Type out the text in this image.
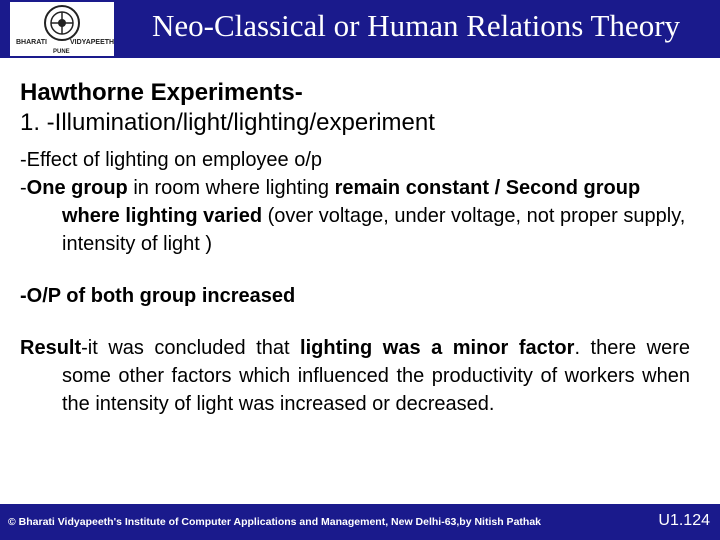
BHARATI	VIDYAPEETH
PUNE
Neo-Classical or Human Relations Theory

Hawthorne Experiments-

1. -Illumination/light/lighting/experiment

-Effect of lighting on employee o/p

-One group in room where lighting remain constant / Second group where lighting varied (over voltage, under voltage, not proper supply, intensity of light )

-O/P of both group increased

Result-it was concluded that lighting was a minor factor. there were some other factors which influenced the productivity of workers when the intensity of light was increased or decreased.

© Bharati Vidyapeeth's Institute of Computer Applications and Management, New Delhi-63,by Nitish Pathak	U1.124
